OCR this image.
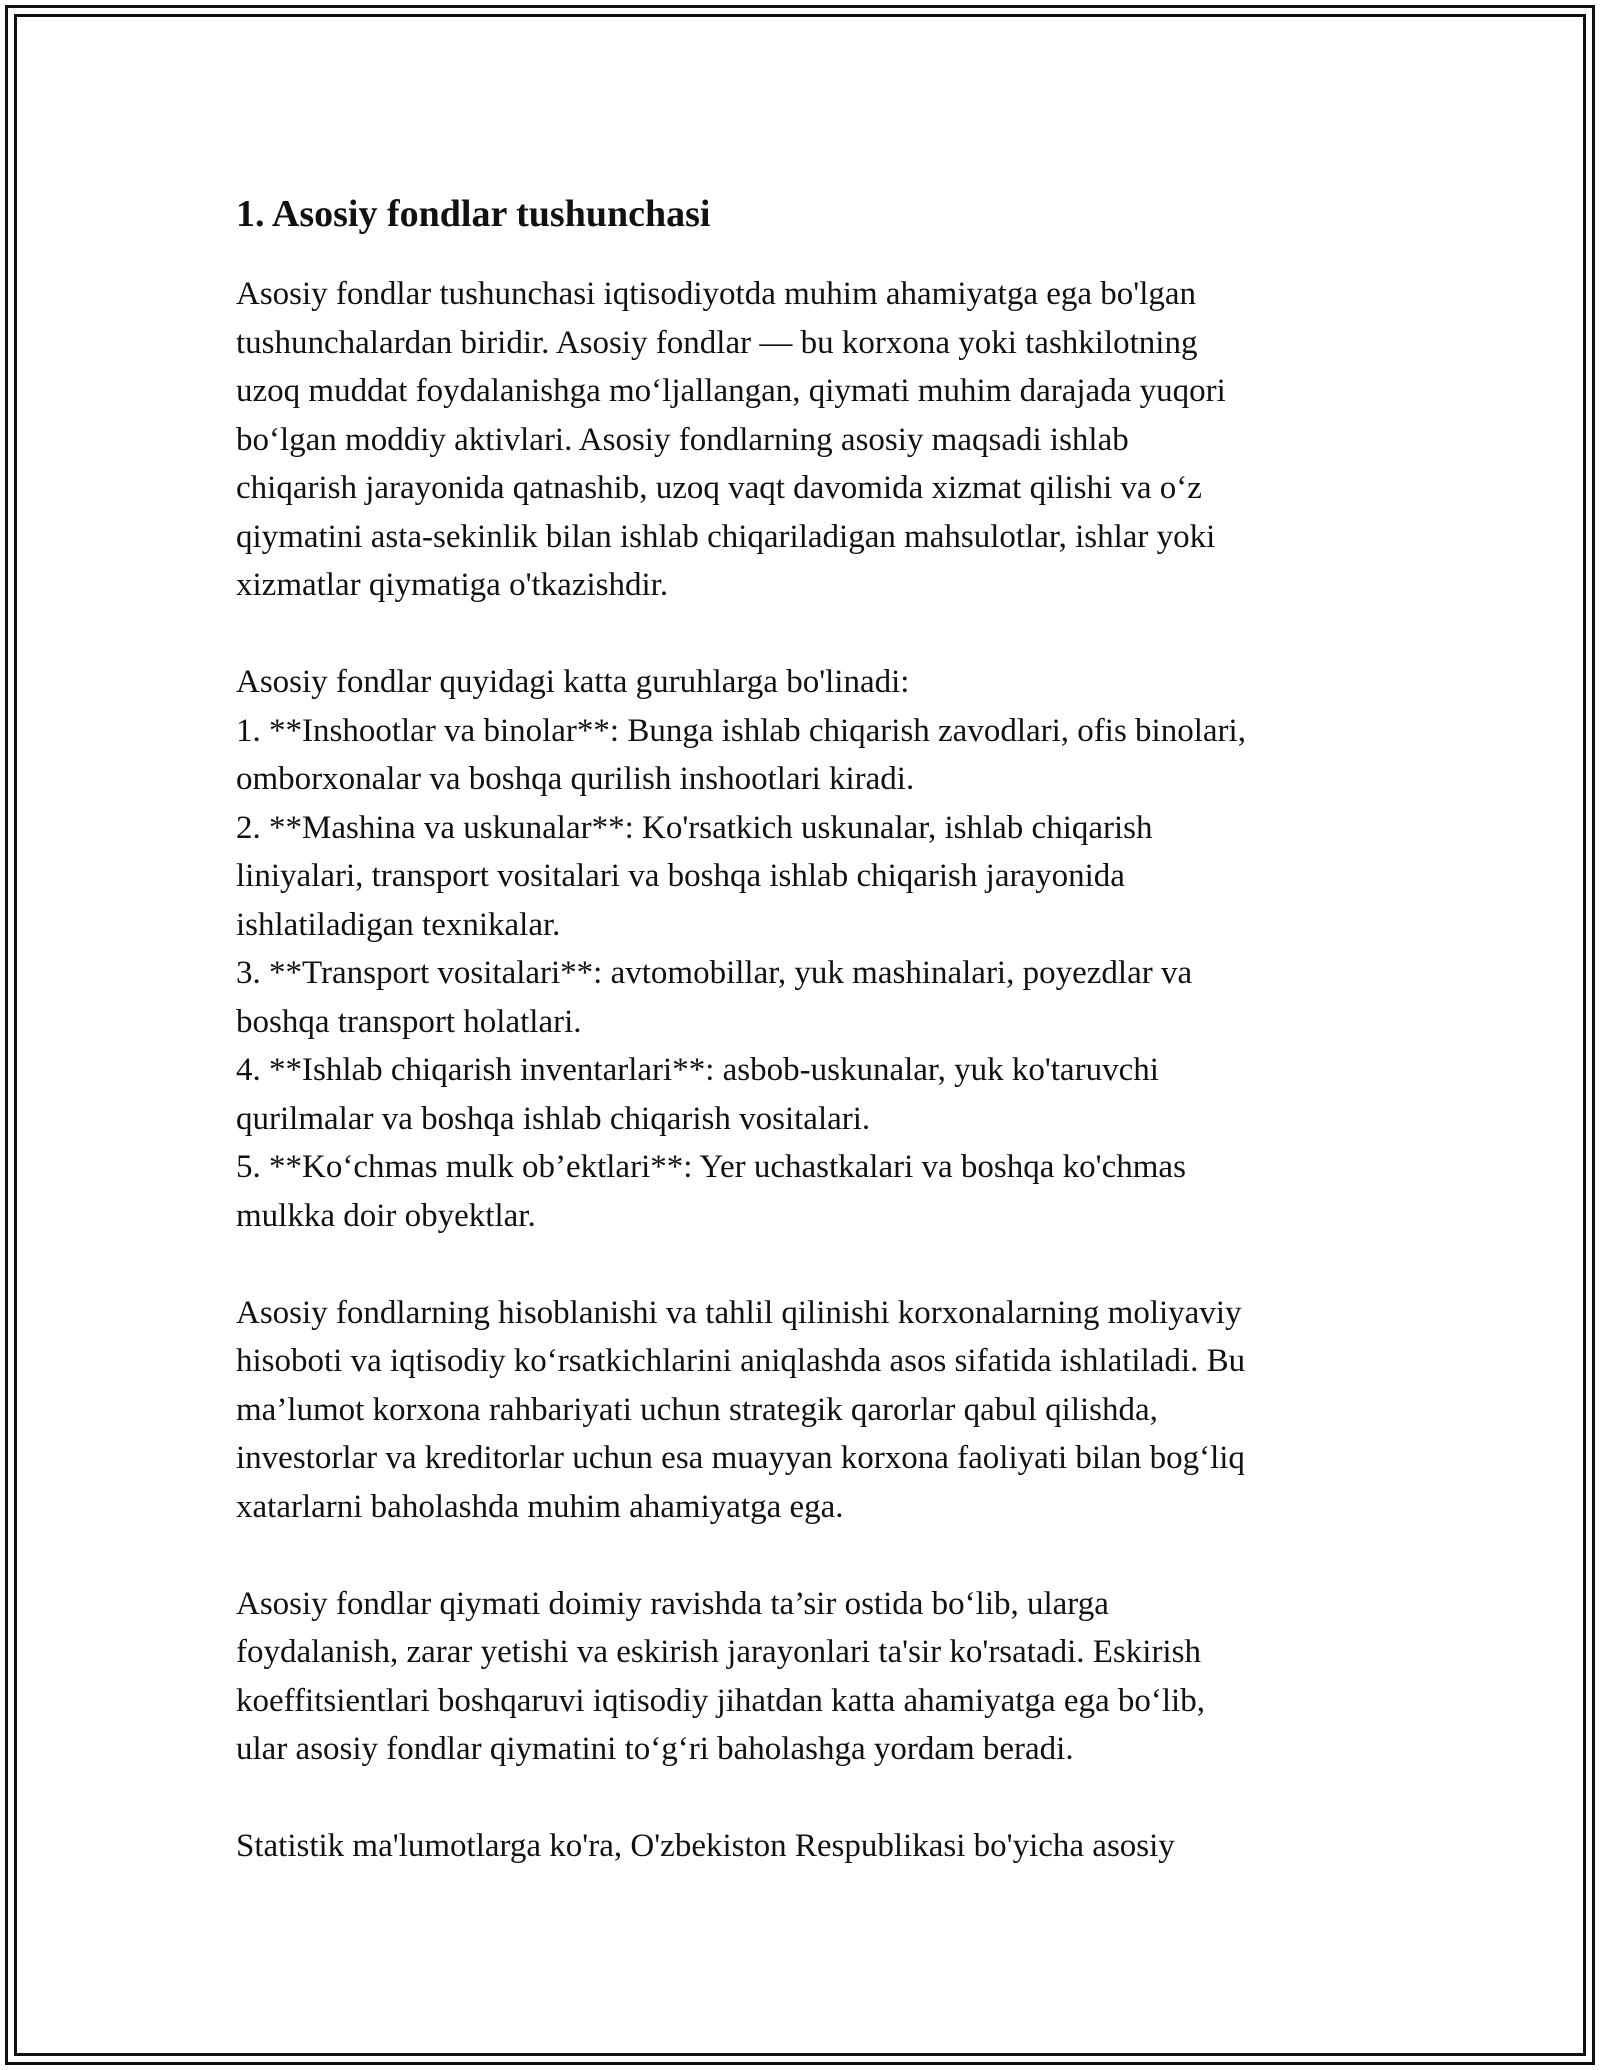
1. Asosiy fondlar tushunchasi
Asosiy fondlar tushunchasi iqtisodiyotda muhim ahamiyatga ega bo'lgan
tushunchalardan biridir. Asosiy fondlar — bu korxona yoki tashkilotning
uzoq muddat foydalanishga moʻljallangan, qiymati muhim darajada yuqori
boʻlgan moddiy aktivlari. Asosiy fondlarning asosiy maqsadi ishlab
chiqarish jarayonida qatnashib, uzoq vaqt davomida xizmat qilishi va oʻz
qiymatini asta-sekinlik bilan ishlab chiqariladigan mahsulotlar, ishlar yoki
xizmatlar qiymatiga o'tkazishdir.
Asosiy fondlar quyidagi katta guruhlarga bo'linadi:
1. **Inshootlar va binolar**: Bunga ishlab chiqarish zavodlari, ofis binolari,
omborxonalar va boshqa qurilish inshootlari kiradi.
2. **Mashina va uskunalar**: Ko'rsatkich uskunalar, ishlab chiqarish
liniyalari, transport vositalari va boshqa ishlab chiqarish jarayonida
ishlatiladigan texnikalar.
3. **Transport vositalari**: avtomobillar, yuk mashinalari, poyezdlar va
boshqa transport holatlari.
4. **Ishlab chiqarish inventarlari**: asbob-uskunalar, yuk ko'taruvchi
qurilmalar va boshqa ishlab chiqarish vositalari.
5. **Koʻchmas mulk ob’ektlari**: Yer uchastkalari va boshqa ko'chmas
mulkka doir obyektlar.
Asosiy fondlarning hisoblanishi va tahlil qilinishi korxonalarning moliyaviy
hisoboti va iqtisodiy koʻrsatkichlarini aniqlashda asos sifatida ishlatiladi. Bu
ma’lumot korxona rahbariyati uchun strategik qarorlar qabul qilishda,
investorlar va kreditorlar uchun esa muayyan korxona faoliyati bilan bogʻliq
xatarlarni baholashda muhim ahamiyatga ega.
Asosiy fondlar qiymati doimiy ravishda ta’sir ostida boʻlib, ularga
foydalanish, zarar yetishi va eskirish jarayonlari ta'sir ko'rsatadi. Eskirish
koeffitsientlari boshqaruvi iqtisodiy jihatdan katta ahamiyatga ega boʻlib,
ular asosiy fondlar qiymatini toʻgʻri baholashga yordam beradi.
Statistik ma'lumotlarga ko'ra, O'zbekiston Respublikasi bo'yicha asosiy
